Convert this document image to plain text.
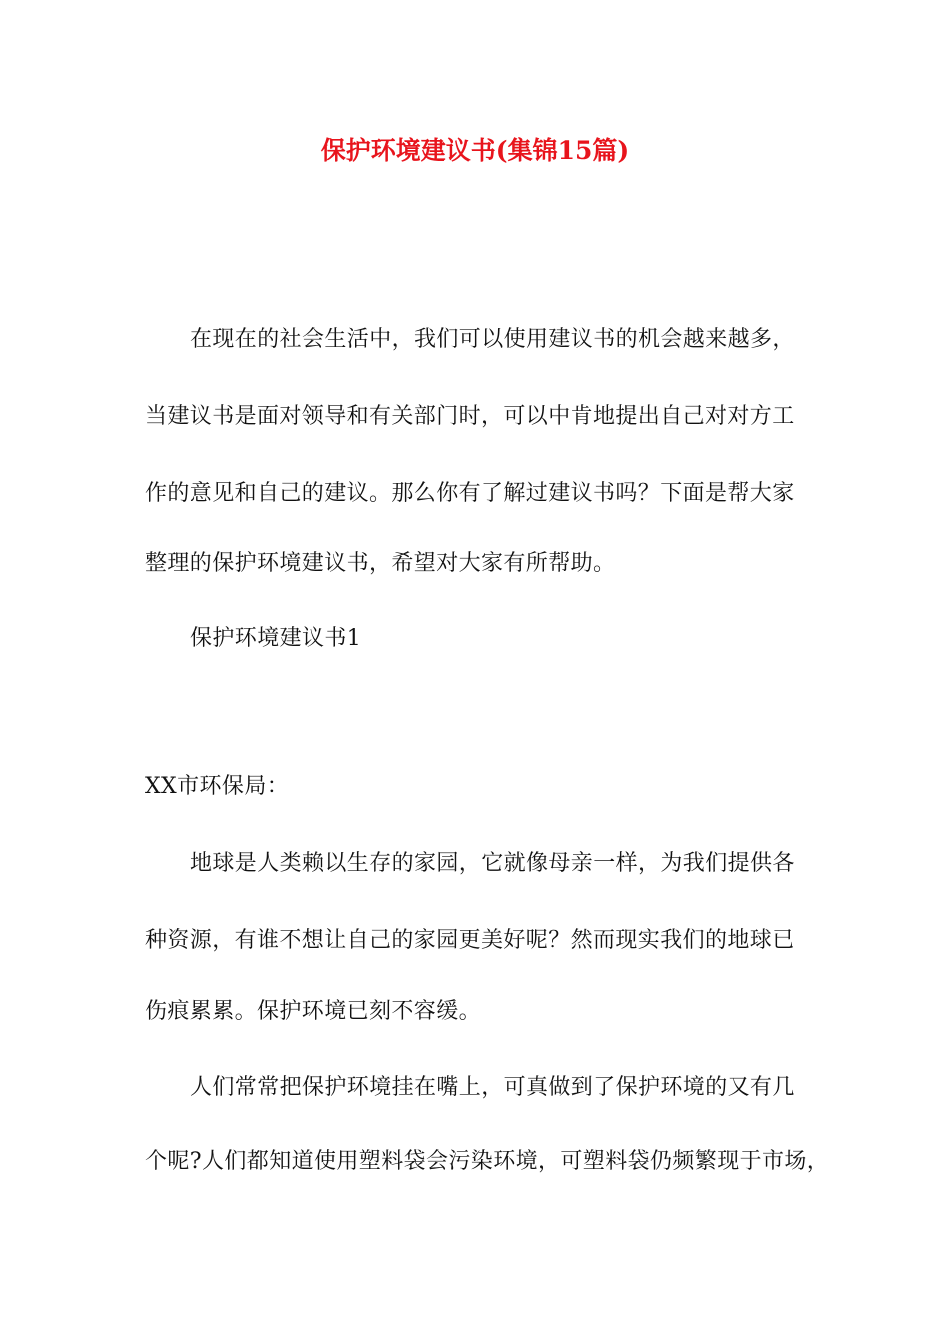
保护环境建议书(集锦15篇)

在现在的社会生活中，我们可以使用建议书的机会越来越多，

当建议书是面对领导和有关部门时，可以中肯地提出自己对对方工

作的意见和自己的建议。那么你有了解过建议书吗？下面是帮大家

整理的保护环境建议书，希望对大家有所帮助。

保护环境建议书1

XX市环保局：

地球是人类赖以生存的家园，它就像母亲一样，为我们提供各

种资源，有谁不想让自己的家园更美好呢？然而现实我们的地球已

伤痕累累。保护环境已刻不容缓。

人们常常把保护环境挂在嘴上，可真做到了保护环境的又有几

个呢?人们都知道使用塑料袋会污染环境，可塑料袋仍频繁现于市场，
